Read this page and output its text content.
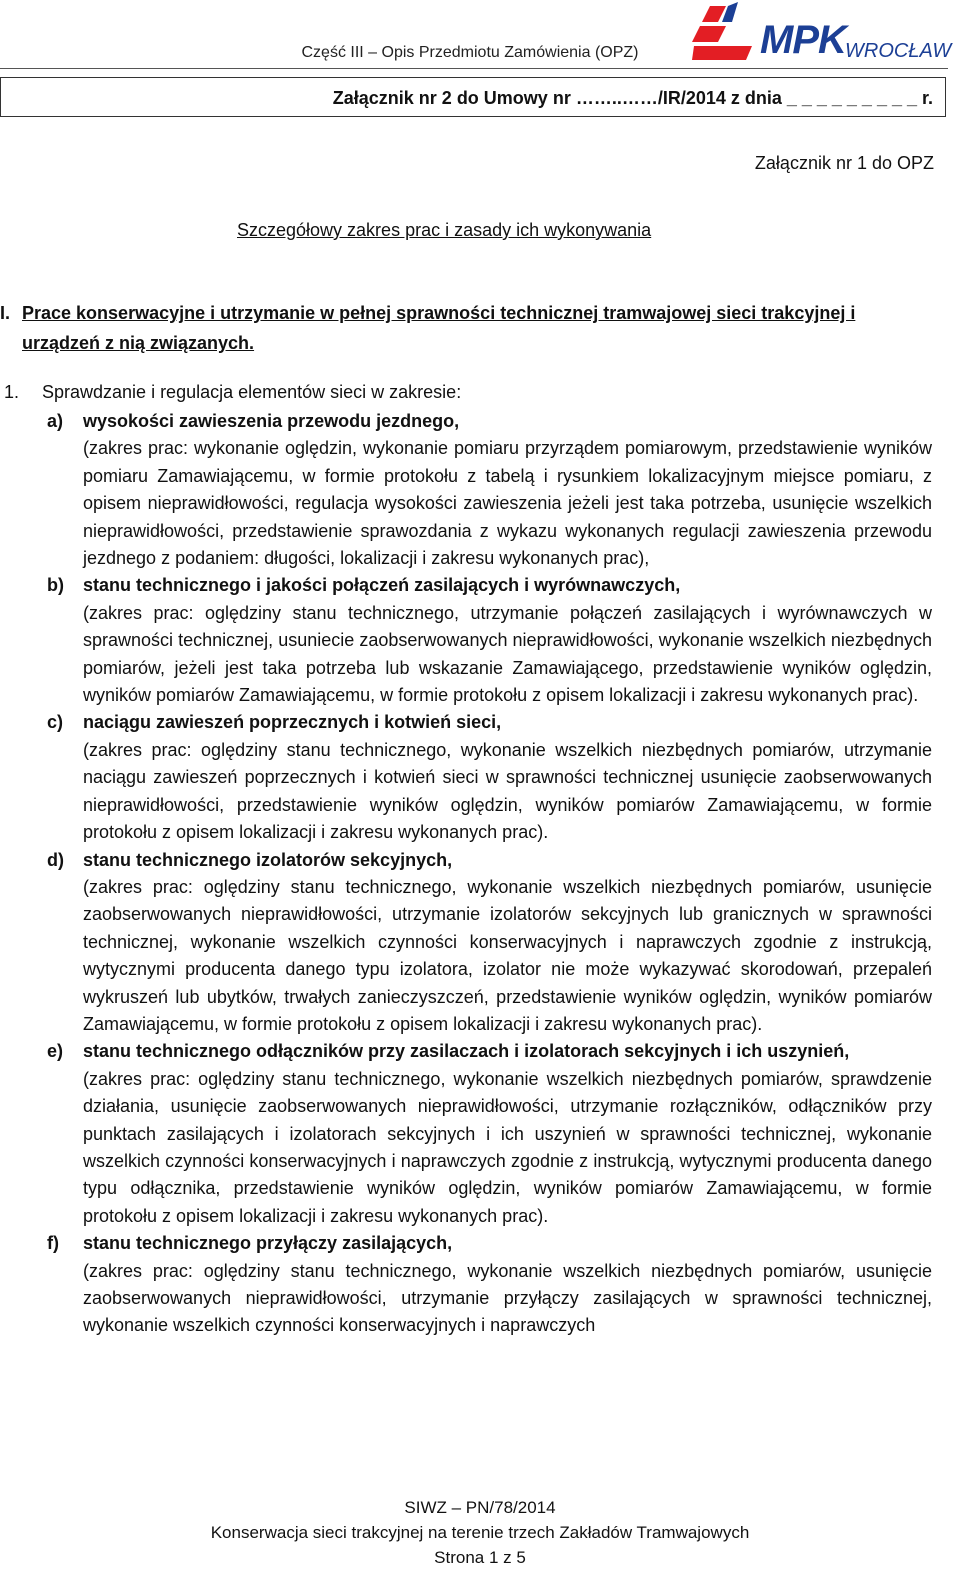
Część III – Opis Przedmiotu Zamówienia (OPZ)	MPK WROCŁAW
Załącznik nr 2 do Umowy nr ……..……/IR/2014 z dnia _ _ _ _ _ _ _ _ _ r.
Załącznik nr 1 do OPZ
Szczegółowy zakres prac i zasady ich wykonywania
I. Prace konserwacyjne i utrzymanie w pełnej sprawności technicznej tramwajowej sieci trakcyjnej i urządzeń z nią związanych.
1. Sprawdzanie i regulacja elementów sieci w zakresie:
a) wysokości zawieszenia przewodu jezdnego,
(zakres prac: wykonanie oględzin, wykonanie pomiaru przyrządem pomiarowym, przedstawienie wyników pomiaru Zamawiającemu, w formie protokołu z tabelą i rysunkiem lokalizacyjnym miejsce pomiaru, z opisem nieprawidłowości, regulacja wysokości zawieszenia jeżeli jest taka potrzeba, usunięcie wszelkich nieprawidłowości, przedstawienie sprawozdania z wykazu wykonanych regulacji zawieszenia przewodu jezdnego z podaniem: długości, lokalizacji i zakresu wykonanych prac),
b) stanu technicznego i jakości połączeń zasilających i wyrównawczych,
(zakres prac: oględziny stanu technicznego, utrzymanie połączeń zasilających i wyrównawczych w sprawności technicznej, usuniecie zaobserwowanych nieprawidłowości, wykonanie wszelkich niezbędnych pomiarów, jeżeli jest taka potrzeba lub wskazanie Zamawiającego, przedstawienie wyników oględzin, wyników pomiarów Zamawiającemu, w formie protokołu z opisem lokalizacji i zakresu wykonanych prac).
c) naciągu zawieszeń poprzecznych i kotwień sieci,
(zakres prac: oględziny stanu technicznego, wykonanie wszelkich niezbędnych pomiarów, utrzymanie naciągu zawieszeń poprzecznych i kotwień sieci w sprawności technicznej usunięcie zaobserwowanych nieprawidłowości, przedstawienie wyników oględzin, wyników pomiarów Zamawiającemu, w formie protokołu z opisem lokalizacji i zakresu wykonanych prac).
d) stanu technicznego izolatorów sekcyjnych,
(zakres prac: oględziny stanu technicznego, wykonanie wszelkich niezbędnych pomiarów, usunięcie zaobserwowanych nieprawidłowości, utrzymanie izolatorów sekcyjnych lub granicznych w sprawności technicznej, wykonanie wszelkich czynności konserwacyjnych i naprawczych zgodnie z instrukcją, wytycznymi producenta danego typu izolatora, izolator nie może wykazywać skorodowań, przepaleń wykruszeń lub ubytków, trwałych zanieczyszczeń, przedstawienie wyników oględzin, wyników pomiarów Zamawiającemu, w formie protokołu z opisem lokalizacji i zakresu wykonanych prac).
e) stanu technicznego odłączników przy zasilaczach i izolatorach sekcyjnych i ich uszynień,
(zakres prac: oględziny stanu technicznego, wykonanie wszelkich niezbędnych pomiarów, sprawdzenie działania, usunięcie zaobserwowanych nieprawidłowości, utrzymanie rozłączników, odłączników przy punktach zasilających i izolatorach sekcyjnych i ich uszynień w sprawności technicznej, wykonanie wszelkich czynności konserwacyjnych i naprawczych zgodnie z instrukcją, wytycznymi producenta danego typu odłącznika, przedstawienie wyników oględzin, wyników pomiarów Zamawiającemu, w formie protokołu z opisem lokalizacji i zakresu wykonanych prac).
f) stanu technicznego przyłączy zasilających,
(zakres prac: oględziny stanu technicznego, wykonanie wszelkich niezbędnych pomiarów, usunięcie zaobserwowanych nieprawidłowości, utrzymanie przyłączy zasilających w sprawności technicznej, wykonanie wszelkich czynności konserwacyjnych i naprawczych
SIWZ – PN/78/2014
Konserwacja sieci trakcyjnej na terenie trzech Zakładów Tramwajowych
Strona 1 z 5
